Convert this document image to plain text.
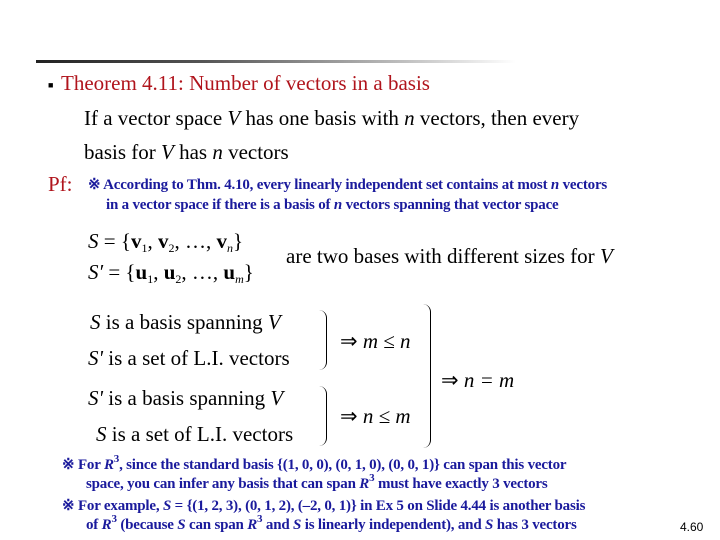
■ Theorem 4.11: Number of vectors in a basis
If a vector space V has one basis with n vectors, then every
basis for V has n vectors
Pf: ※ According to Thm. 4.10, every linearly independent set contains at most n vectors
in a vector space if there is a basis of n vectors spanning that vector space
$S = \{v_1$, $v_2$, …, $v_n$}
$S' = \{u_1$, $u_2$, …, $u_m$}
are two bases with different sizes for V
S is a basis spanning V
S' is a set of L.I. vectors
S' is a basis spanning V
S is a set of L.I. vectors
⇒ m ≤ n
⇒ n ≤ m
⇒ n = m
※ For $R^3$, since the standard basis {(1, 0, 0), (0, 1, 0), (0, 0, 1)} can span this vector
space, you can infer any basis that can span $R^3$ must have exactly 3 vectors
※ For example, S = {(1, 2, 3), (0, 1, 2), (–2, 0, 1)} in Ex 5 on Slide 4.44 is another basis
of $R^3$ (because S can span $R^3$ and S is linearly independent), and S has 3 vectors	4.60
